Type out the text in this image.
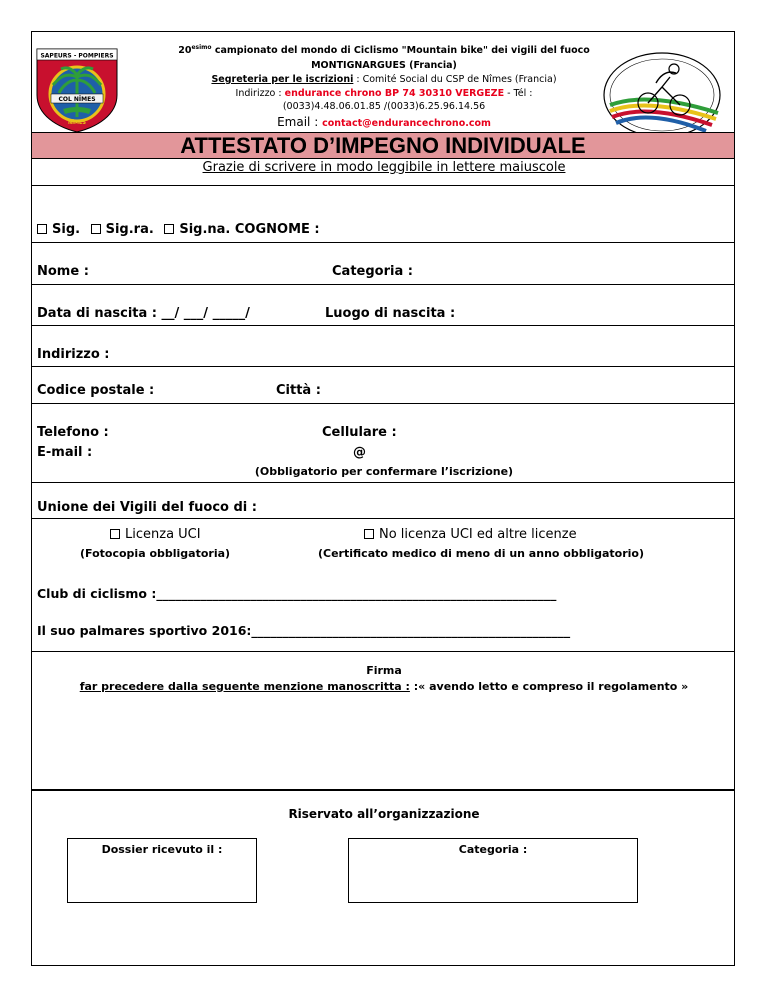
SAPEURS - POMPIERS
COL NÎMES
NÎMES
$20^{esimo}$ campionato del mondo di Ciclismo "Mountain bike" dei vigili del fuoco
MONTIGNARGUES (Francia)
Segreteria per le iscrizioni : Comité Social du CSP de Nîmes (Francia)
Indirizzo : endurance chrono BP 74 30310 VERGEZE - Tél :
(0033)4.48.06.01.85 /(0033)6.25.96.14.56
Email : contact@endurancechrono.com
ATTESTATO D’IMPEGNO INDIVIDUALE
Grazie di scrivere in modo leggibile in lettere maiuscole
Sig. Sig.ra. Sig.na. COGNOME :
Nome :	Categoria :
Data di nascita : __/ ___/ _____/	Luogo di nascita :
Indirizzo :
Codice postale :	Città :
Telefono :	Cellulare :
E-mail :	@
(Obbligatorio per confermare l’iscrizione)
Unione dei Vigili del fuoco di :
Licenza UCI
(Fotocopia obbligatoria)
No licenza UCI ed altre licenze
(Certificato medico di meno di un anno obbligatorio)
Club di ciclismo :________________________________________________________________
Il suo palmares sportivo 2016:___________________________________________________
Firma
far precedere dalla seguente menzione manoscritta : :« avendo letto e compreso il regolamento »
Riservato all’organizzazione
Dossier ricevuto il :	Categoria :
